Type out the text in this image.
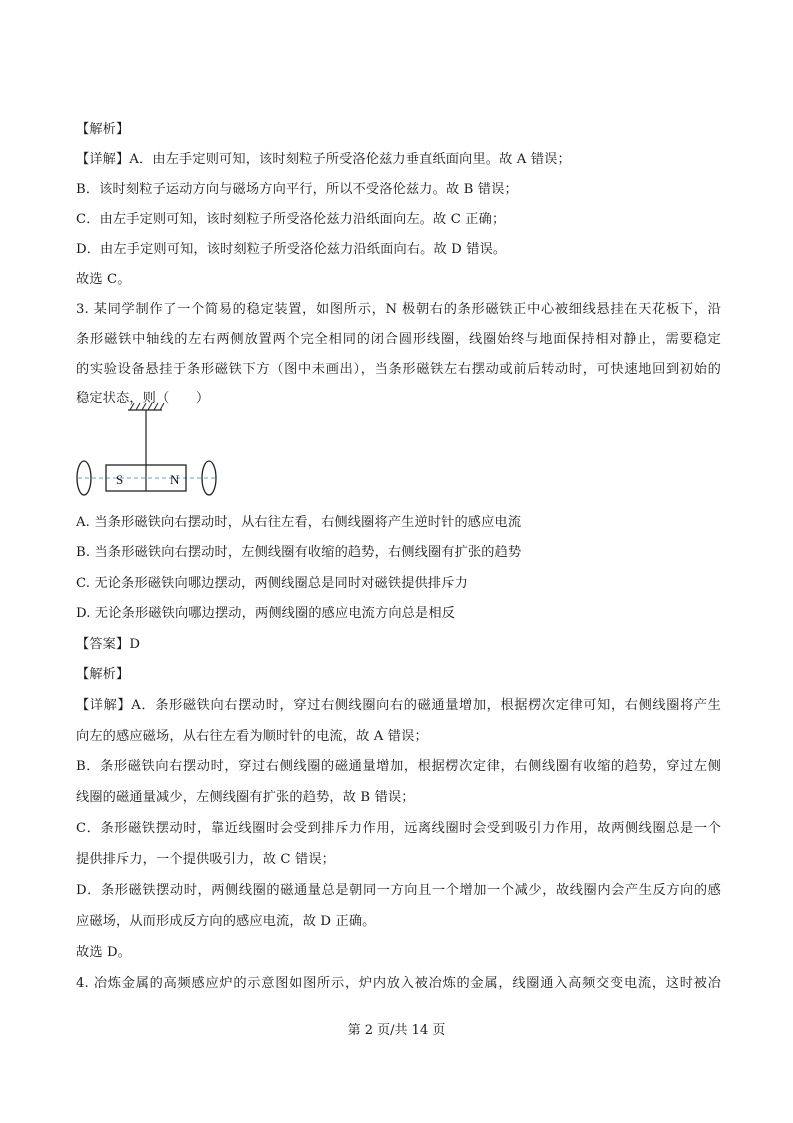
【解析】
【详解】A．由左手定则可知，该时刻粒子所受洛伦兹力垂直纸面向里。故 A 错误；
B．该时刻粒子运动方向与磁场方向平行，所以不受洛伦兹力。故 B 错误；
C．由左手定则可知，该时刻粒子所受洛伦兹力沿纸面向左。故 C 正确；
D．由左手定则可知，该时刻粒子所受洛伦兹力沿纸面向右。故 D 错误。
故选 C。
3. 某同学制作了一个简易的稳定装置，如图所示，N 极朝右的条形磁铁正中心被细线悬挂在天花板下，沿
条形磁铁中轴线的左右两侧放置两个完全相同的闭合圆形线圈，线圈始终与地面保持相对静止，需要稳定
的实验设备悬挂于条形磁铁下方（图中未画出），当条形磁铁左右摆动或前后转动时，可快速地回到初始的
稳定状态，则（　　）
S	N
A. 当条形磁铁向右摆动时，从右往左看，右侧线圈将产生逆时针的感应电流
B. 当条形磁铁向右摆动时，左侧线圈有收缩的趋势，右侧线圈有扩张的趋势
C. 无论条形磁铁向哪边摆动，两侧线圈总是同时对磁铁提供排斥力
D. 无论条形磁铁向哪边摆动，两侧线圈的感应电流方向总是相反
【答案】D
【解析】
【详解】A．条形磁铁向右摆动时，穿过右侧线圈向右的磁通量增加，根据楞次定律可知，右侧线圈将产生
向左的感应磁场，从右往左看为顺时针的电流，故 A 错误；
B．条形磁铁向右摆动时，穿过右侧线圈的磁通量增加，根据楞次定律，右侧线圈有收缩的趋势，穿过左侧
线圈的磁通量减少，左侧线圈有扩张的趋势，故 B 错误；
C．条形磁铁摆动时，靠近线圈时会受到排斥力作用，远离线圈时会受到吸引力作用，故两侧线圈总是一个
提供排斥力，一个提供吸引力，故 C 错误；
D．条形磁铁摆动时，两侧线圈的磁通量总是朝同一方向且一个增加一个减少，故线圈内会产生反方向的感
应磁场，从而形成反方向的感应电流，故 D 正确。
故选 D。
4. 冶炼金属的高频感应炉的示意图如图所示，炉内放入被冶炼的金属，线圈通入高频交变电流，这时被冶
第 2 页/共 14 页
